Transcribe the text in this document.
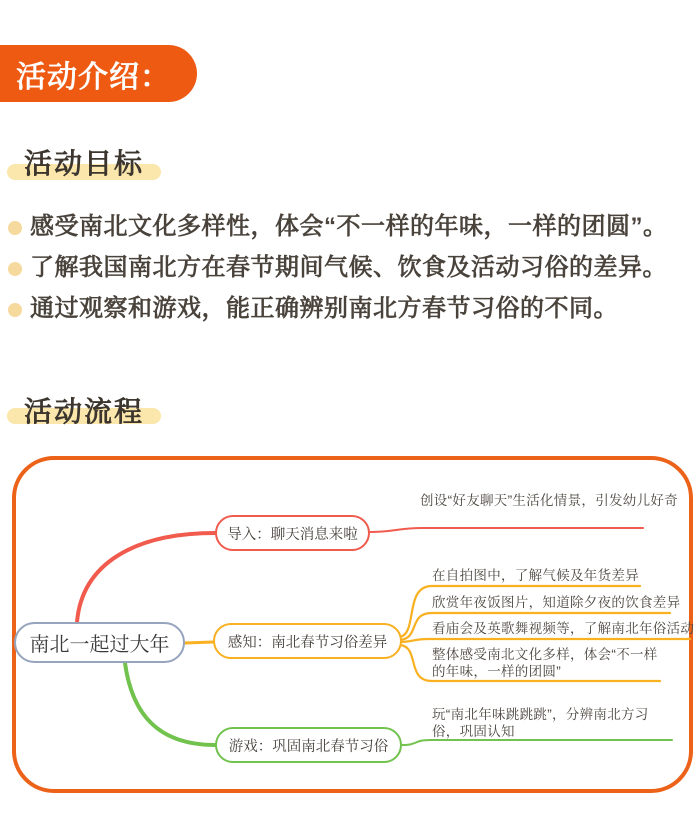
活动介绍：
活动目标
感受南北文化多样性，体会“不一样的年味，一样的团圆”。
了解我国南北方在春节期间气候、饮食及活动习俗的差异。
通过观察和游戏，能正确辨别南北方春节习俗的不同。
活动流程
南北一起过大年
导入：聊天消息来啦
创设“好友聊天”生活化情景，引发幼儿好奇
感知：南北春节习俗差异
在自拍图中，了解气候及年货差异
欣赏年夜饭图片，知道除夕夜的饮食差异
看庙会及英歌舞视频等，了解南北年俗活动
整体感受南北文化多样，体会“不一样的年味，一样的团圆”
游戏：巩固南北春节习俗
玩“南北年味跳跳跳”，分辨南北方习俗，巩固认知
